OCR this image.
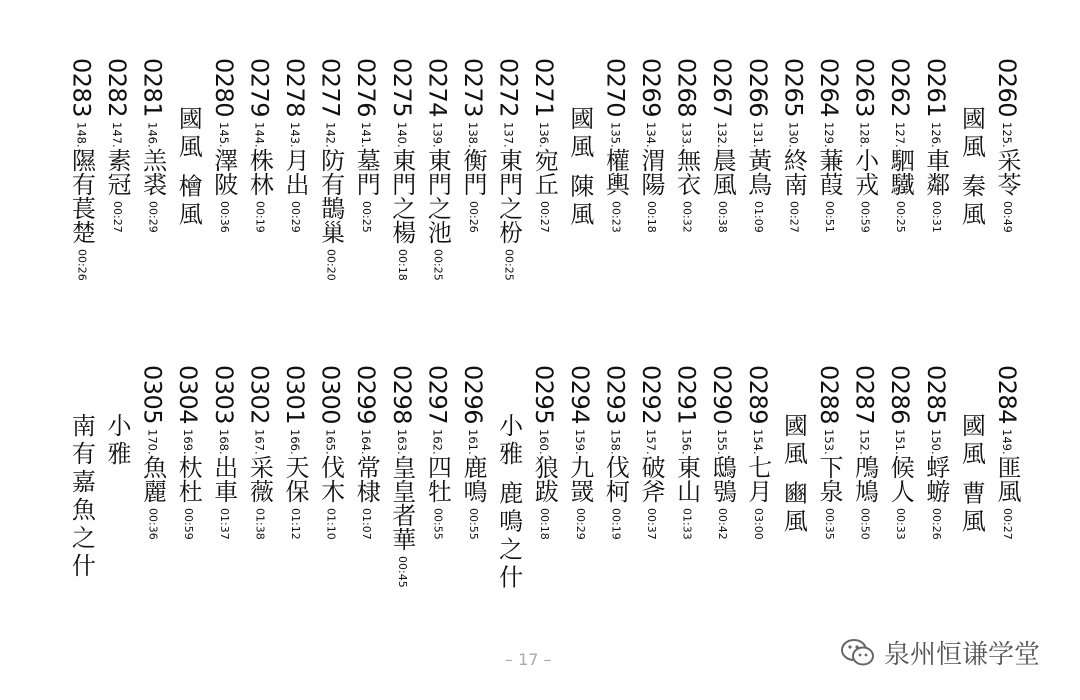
0260125.采苓00:49
國風 秦風
0261126.車鄰00:31
0262127.駟驖00:25
0263128.小戎00:59
0264129.蒹葭00:51
0265130.終南00:27
0266131.黃鳥01:09
0267132.晨風00:38
0268133.無衣00:32
0269134.渭陽00:18
0270135.權輿00:23
國風 陳風
0271136.宛丘00:27
0272137.東門之枌00:25
0273138.衡門00:26
0274139.東門之池00:25
0275140.東門之楊00:18
0276141.墓門00:25
0277142.防有鵲巢00:20
0278143.月出00:29
0279144.株林00:19
0280145.澤陂00:36
國風 檜風
0281146.羔裘00:29
0282147.素冠00:27
0283148.隰有萇楚00:26
0284149.匪風00:27
國風 曹風
0285150.蜉蝣00:26
0286151.候人00:33
0287152.鳲鳩00:50
0288153.下泉00:35
國風 豳風
0289154.七月03:00
0290155.鴟鴞00:42
0291156.東山01:33
0292157.破斧00:37
0293158.伐柯00:19
0294159.九罭00:29
0295160.狼跋00:18
小雅 鹿鳴之什
0296161.鹿鳴00:55
0297162.四牡00:55
0298163.皇皇者華00:45
0299164.常棣01:07
0300165.伐木01:10
0301166.天保01:12
0302167.采薇01:38
0303168.出車01:37
0304169.杕杜00:59
0305170.魚麗00:36
小雅
南有嘉魚之什
– 17 –	泉州恒谦学堂
